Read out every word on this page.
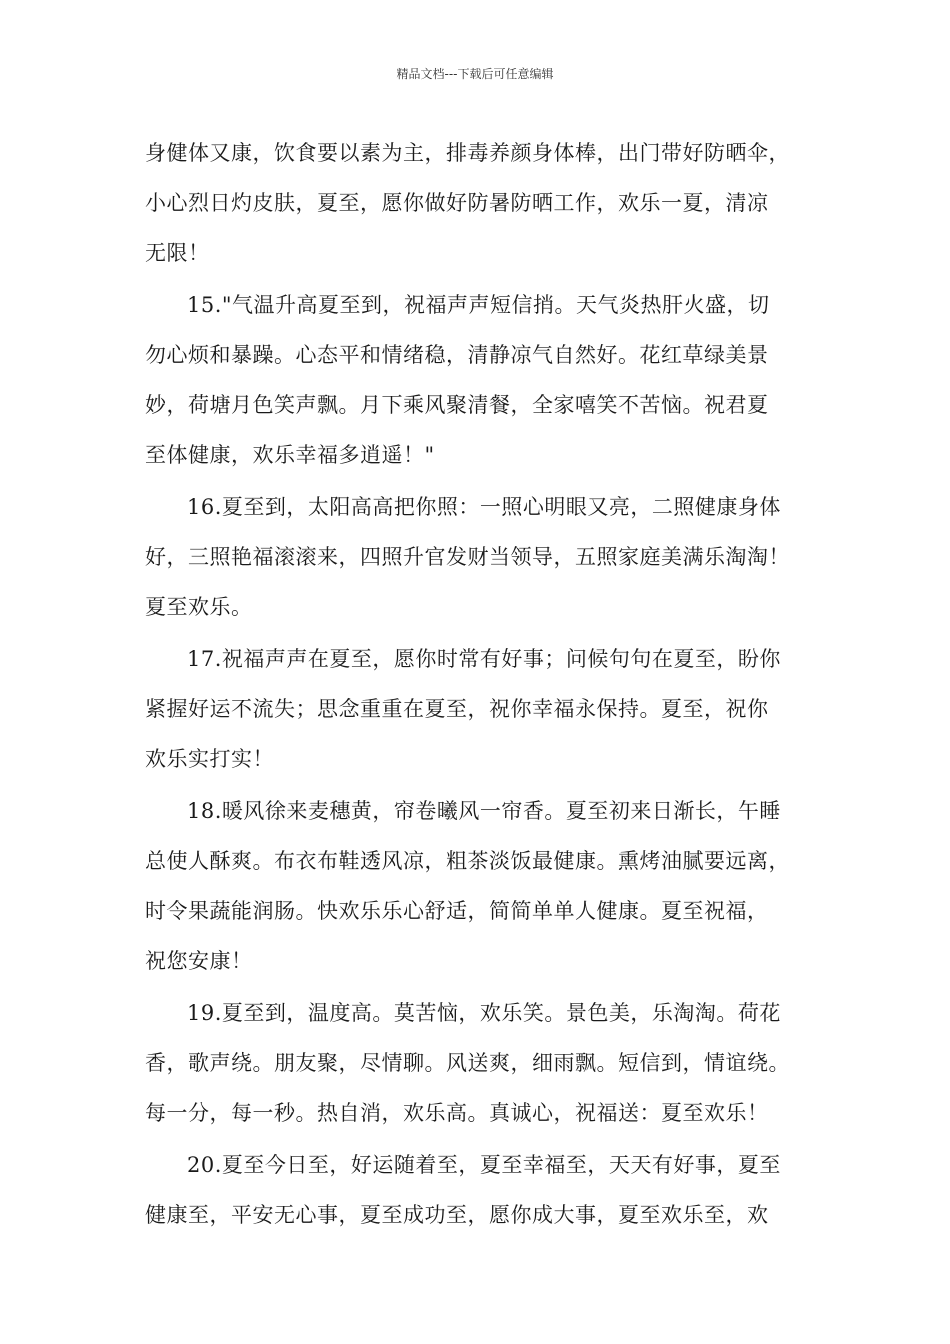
精品文档---下载后可任意编辑

身健体又康，饮食要以素为主，排毒养颜身体棒，出门带好防晒伞，
小心烈日灼皮肤，夏至，愿你做好防暑防晒工作，欢乐一夏，清凉
无限！

15."气温升高夏至到，祝福声声短信捎。天气炎热肝火盛，切
勿心烦和暴躁。心态平和情绪稳，清静凉气自然好。花红草绿美景
妙，荷塘月色笑声飘。月下乘风聚清餐，全家嘻笑不苦恼。祝君夏
至体健康，欢乐幸福多逍遥！"

16.夏至到，太阳高高把你照：一照心明眼又亮，二照健康身体
好，三照艳福滚滚来，四照升官发财当领导，五照家庭美满乐淘淘！
夏至欢乐。

17.祝福声声在夏至，愿你时常有好事；问候句句在夏至，盼你
紧握好运不流失；思念重重在夏至，祝你幸福永保持。夏至，祝你
欢乐实打实！

18.暖风徐来麦穗黄，帘卷曦风一帘香。夏至初来日渐长，午睡
总使人酥爽。布衣布鞋透风凉，粗茶淡饭最健康。熏烤油腻要远离，
时令果蔬能润肠。快欢乐乐心舒适，简简单单人健康。夏至祝福，
祝您安康！

19.夏至到，温度高。莫苦恼，欢乐笑。景色美，乐淘淘。荷花
香，歌声绕。朋友聚，尽情聊。风送爽，细雨飘。短信到，情谊绕。
每一分，每一秒。热自消，欢乐高。真诚心，祝福送：夏至欢乐！

20.夏至今日至，好运随着至，夏至幸福至，天天有好事，夏至
健康至，平安无心事，夏至成功至，愿你成大事，夏至欢乐至，欢
